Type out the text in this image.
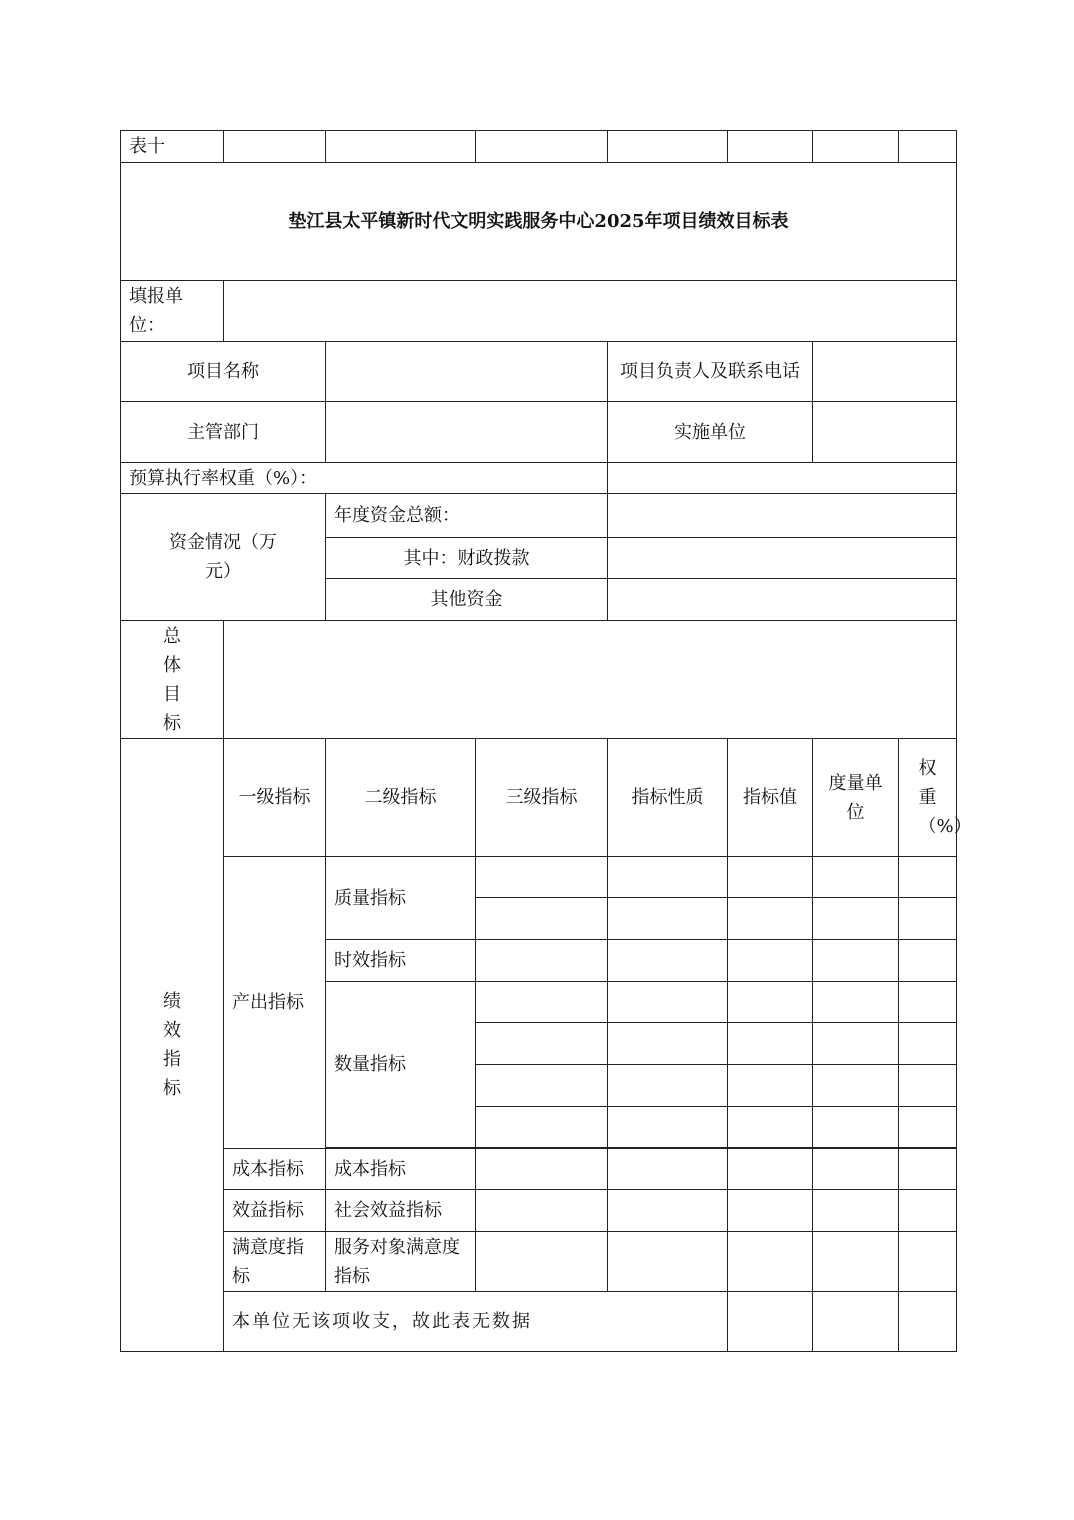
表十								
垫江县太平镇新时代文明实践服务中心2025年项目绩效目标表								
填报单位：								
项目名称				项目负责人及联系电话				
主管部门				实施单位				
预算执行率权重（%）：								
资金情况（万元）		年度资金总额：						
		其中：财政拨款						
		其他资金						

总体目标								

绩效指标	一级指标	二级指标	三级指标	指标性质	指标值	度量单位	权重（%）	

	产出指标	质量指标						

		时效指标						
		数量指标						

	成本指标	成本指标						
	效益指标	社会效益指标						
	满意度指标	服务对象满意度指标						
	本单位无该项收支，故此表无数据							
